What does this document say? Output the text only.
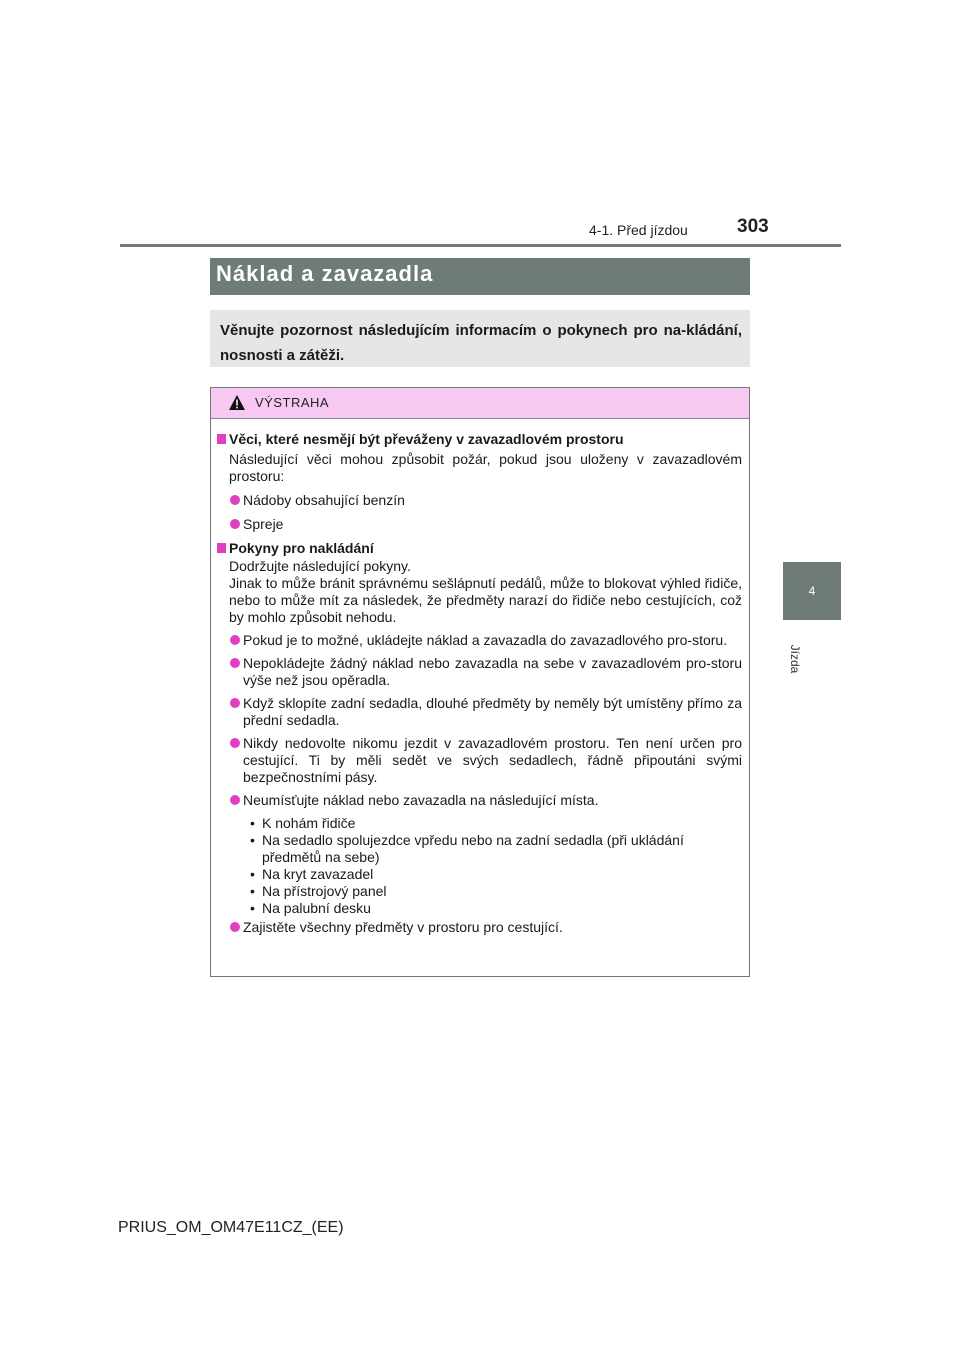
4-1. Před jízdou	303
4
Jízda
Náklad a zavazadla
Věnujte pozornost následujícím informacím o pokynech pro na-kládání, nosnosti a zátěži.
VÝSTRAHA
Věci, které nesmějí být převáženy v zavazadlovém prostoru
Následující věci mohou způsobit požár, pokud jsou uloženy v zavazadlovém prostoru:
Nádoby obsahující benzín
Spreje
Pokyny pro nakládání
Dodržujte následující pokyny.
Jinak to může bránit správnému sešlápnutí pedálů, může to blokovat výhled řidiče, nebo to může mít za následek, že předměty narazí do řidiče nebo cestujících, což by mohlo způsobit nehodu.
Pokud je to možné, ukládejte náklad a zavazadla do zavazadlového pro-storu.
Nepokládejte žádný náklad nebo zavazadla na sebe v zavazadlovém pro-storu výše než jsou opěradla.
Když sklopíte zadní sedadla, dlouhé předměty by neměly být umístěny přímo za přední sedadla.
Nikdy nedovolte nikomu jezdit v zavazadlovém prostoru. Ten není určen pro cestující. Ti by měli sedět ve svých sedadlech, řádně připoutáni svými bezpečnostními pásy.
Neumísťujte náklad nebo zavazadla na následující místa.
• K nohám řidiče
• Na sedadlo spolujezdce vpředu nebo na zadní sedadla (při ukládání předmětů na sebe)
• Na kryt zavazadel
• Na přístrojový panel
• Na palubní desku
Zajistěte všechny předměty v prostoru pro cestující.
PRIUS_OM_OM47E11CZ_(EE)
